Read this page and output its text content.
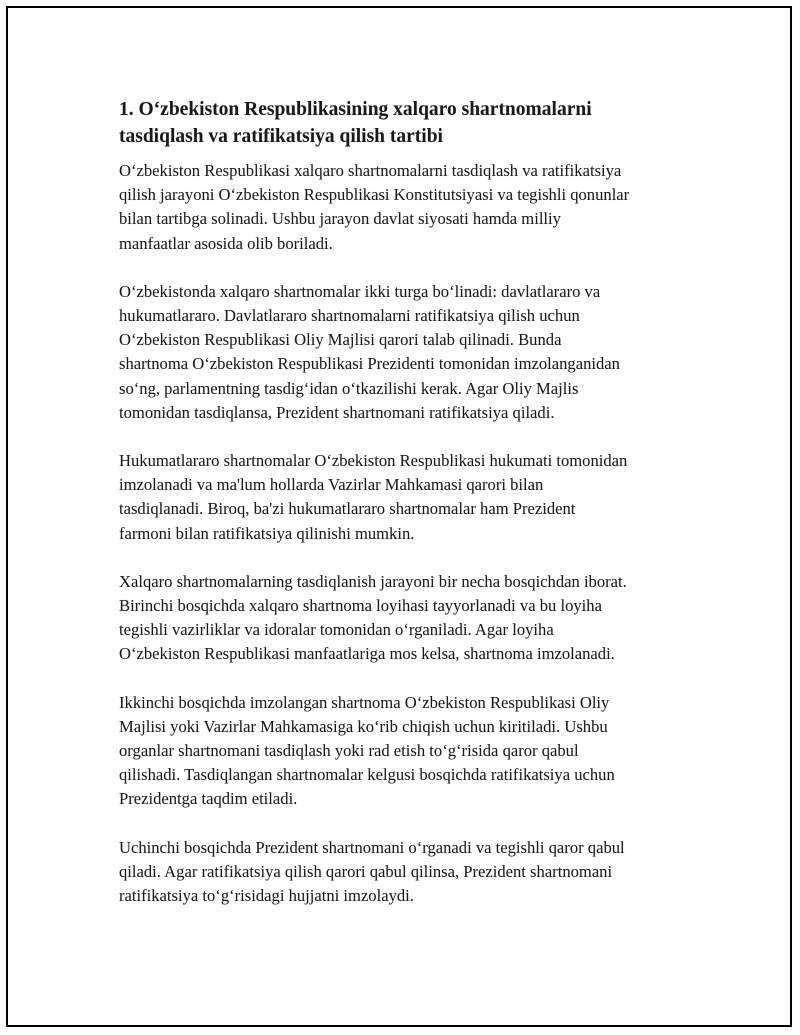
1. O‘zbekiston Respublikasining xalqaro shartnomalarni
tasdiqlash va ratifikatsiya qilish tartibi

O‘zbekiston Respublikasi xalqaro shartnomalarni tasdiqlash va ratifikatsiya
qilish jarayoni O‘zbekiston Respublikasi Konstitutsiyasi va tegishli qonunlar
bilan tartibga solinadi. Ushbu jarayon davlat siyosati hamda milliy
manfaatlar asosida olib boriladi.

O‘zbekistonda xalqaro shartnomalar ikki turga bo‘linadi: davlatlararo va
hukumatlararo. Davlatlararo shartnomalarni ratifikatsiya qilish uchun
O‘zbekiston Respublikasi Oliy Majlisi qarori talab qilinadi. Bunda
shartnoma O‘zbekiston Respublikasi Prezidenti tomonidan imzolanganidan
so‘ng, parlamentning tasdig‘idan o‘tkazilishi kerak. Agar Oliy Majlis
tomonidan tasdiqlansa, Prezident shartnomani ratifikatsiya qiladi.

Hukumatlararo shartnomalar O‘zbekiston Respublikasi hukumati tomonidan
imzolanadi va ma'lum hollarda Vazirlar Mahkamasi qarori bilan
tasdiqlanadi. Biroq, ba'zi hukumatlararo shartnomalar ham Prezident
farmoni bilan ratifikatsiya qilinishi mumkin.

Xalqaro shartnomalarning tasdiqlanish jarayoni bir necha bosqichdan iborat.
Birinchi bosqichda xalqaro shartnoma loyihasi tayyorlanadi va bu loyiha
tegishli vazirliklar va idoralar tomonidan o‘rganiladi. Agar loyiha
O‘zbekiston Respublikasi manfaatlariga mos kelsa, shartnoma imzolanadi.

Ikkinchi bosqichda imzolangan shartnoma O‘zbekiston Respublikasi Oliy
Majlisi yoki Vazirlar Mahkamasiga ko‘rib chiqish uchun kiritiladi. Ushbu
organlar shartnomani tasdiqlash yoki rad etish to‘g‘risida qaror qabul
qilishadi. Tasdiqlangan shartnomalar kelgusi bosqichda ratifikatsiya uchun
Prezidentga taqdim etiladi.

Uchinchi bosqichda Prezident shartnomani o‘rganadi va tegishli qaror qabul
qiladi. Agar ratifikatsiya qilish qarori qabul qilinsa, Prezident shartnomani
ratifikatsiya to‘g‘risidagi hujjatni imzolaydi.
